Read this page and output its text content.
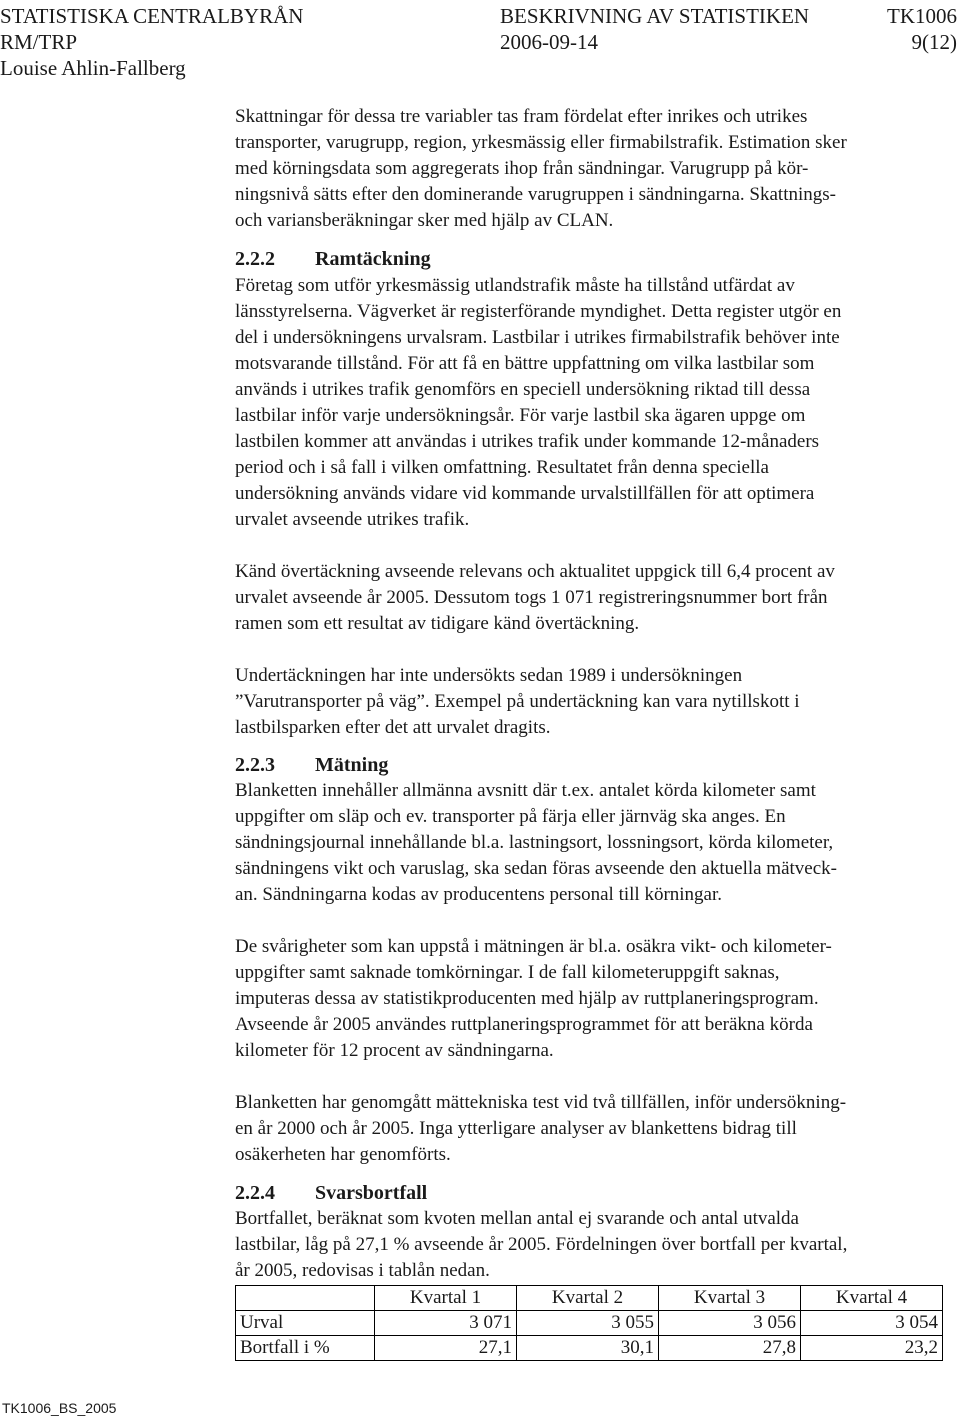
STATISTISKA CENTRALBYRÅN	BESKRIVNING AV STATISTIKEN	TK1006
RM/TRP	2006-09-14	9(12)
Louise Ahlin-Fallberg

Skattningar för dessa tre variabler tas fram fördelat efter inrikes och utrikes

transporter, varugrupp, region, yrkesmässig eller firmabilstrafik. Estimation sker

med körningsdata som aggregerats ihop från sändningar. Varugrupp på kör-

ningsnivå sätts efter den dominerande varugruppen i sändningarna. Skattnings-

och variansberäkningar sker med hjälp av CLAN.

2.2.2 Ramtäckning

Företag som utför yrkesmässig utlandstrafik måste ha tillstånd utfärdat av

länsstyrelserna. Vägverket är registerförande myndighet. Detta register utgör en

del i undersökningens urvalsram. Lastbilar i utrikes firmabilstrafik behöver inte

motsvarande tillstånd. För att få en bättre uppfattning om vilka lastbilar som

används i utrikes trafik genomförs en speciell undersökning riktad till dessa

lastbilar inför varje undersökningsår. För varje lastbil ska ägaren uppge om

lastbilen kommer att användas i utrikes trafik under kommande 12-månaders

period och i så fall i vilken omfattning. Resultatet från denna speciella

undersökning används vidare vid kommande urvalstillfällen för att optimera

urvalet avseende utrikes trafik.

Känd övertäckning avseende relevans och aktualitet uppgick till 6,4 procent av

urvalet avseende år 2005. Dessutom togs 1 071 registreringsnummer bort från

ramen som ett resultat av tidigare känd övertäckning.

Undertäckningen har inte undersökts sedan 1989 i undersökningen

”Varutransporter på väg”. Exempel på undertäckning kan vara nytillskott i

lastbilsparken efter det att urvalet dragits.

2.2.3 Mätning

Blanketten innehåller allmänna avsnitt där t.ex. antalet körda kilometer samt

uppgifter om släp och ev. transporter på färja eller järnväg ska anges. En

sändningsjournal innehållande bl.a. lastningsort, lossningsort, körda kilometer,

sändningens vikt och varuslag, ska sedan föras avseende den aktuella mätveck-

an. Sändningarna kodas av producentens personal till körningar.

De svårigheter som kan uppstå i mätningen är bl.a. osäkra vikt- och kilometer-

uppgifter samt saknade tomkörningar. I de fall kilometeruppgift saknas,

imputeras dessa av statistikproducenten med hjälp av ruttplaneringsprogram.

Avseende år 2005 användes ruttplaneringsprogrammet för att beräkna körda

kilometer för 12 procent av sändningarna.

Blanketten har genomgått mättekniska test vid två tillfällen, inför undersökning-

en år 2000 och år 2005. Inga ytterligare analyser av blankettens bidrag till

osäkerheten har genomförts.

2.2.4 Svarsbortfall

Bortfallet, beräknat som kvoten mellan antal ej svarande och antal utvalda

lastbilar, låg på 27,1 % avseende år 2005. Fördelningen över bortfall per kvartal,

år 2005, redovisas i tablån nedan.

	Kvartal 1	Kvartal 2	Kvartal 3	Kvartal 4
Urval	3 071	3 055	3 056	3 054
Bortfall i %	27,1	30,1	27,8	23,2
TK1006_BS_2005
